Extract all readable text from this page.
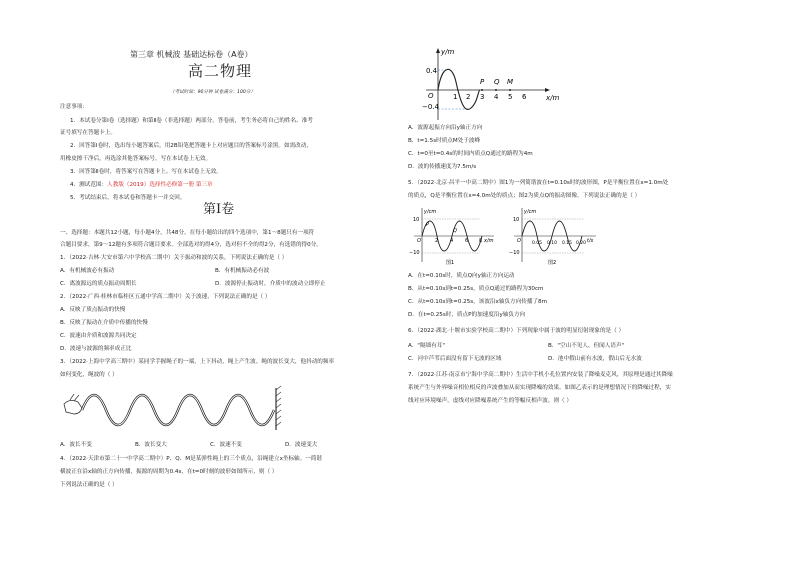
第三章 机械波 基础达标卷（A卷）
高二物理
（考试时间：90分钟 试卷满分：100分）
注意事项：
1．本试卷分第Ⅰ卷（选择题）和第Ⅱ卷（非选择题）两部分。答卷前，考生务必将自己的姓名、准考
证号填写在答题卡上。
2．回答第Ⅰ卷时，选出每小题答案后，用2B铅笔把答题卡上对应题目的答案标号涂黑。如需改动，
用橡皮擦干净后，再选涂其他答案标号。写在本试卷上无效。
3．回答第Ⅱ卷时，将答案写在答题卡上。写在本试卷上无效。
4．测试范围：人教版（2019）选择性必修第一册 第三章
5．考试结束后，将本试卷和答题卡一并交回。
第Ⅰ卷
一、选择题：本题共12小题，每小题4分，共48分。在每小题给出的四个选项中，第1～8题只有一项符
合题目要求，第9～12题有多项符合题目要求。全部选对的得4分，选对但不全的得2分，有选错的得0分。
1．（2022·吉林·大安市第六中学校高二期中）关于振动和波的关系，下列说法正确的是（ ）
A．有机械波必有振动	B．有机械振动必有波
C．离波源远的质点振动周期长	D．波源停止振动时，介质中的波动立即停止
2．（2022·广西·桂林市临桂区五通中学高二期中）关于波速，下列说法正确的是（ ）
A．反映了质点振动的快慢
B．反映了振动在介质中传播的快慢
C．波速由介质和波源共同决定
D．波速与波源的频率成正比
3．（2022·上海中学高三期中）某同学手握绳子的一端，上下抖动，绳上产生波。绳的波长变大，他抖动的频率
如何变化，绳波的（ ）
A．波长不变	B．波长变大	C．波速不变	D．波速变大
4．（2022·天津市第二十一中学高二期中）P、Q、M是某弹性绳上的三个质点，沿绳建立x坐标轴。一简谐
横波正在沿x轴的正方向传播，振源的周期为0.4s，在t=0时刻的波形如图所示，则（ ）
下列说法正确的是（ ）
y/m
x/m
0.4
−0.4
O	1 2 3 4 5 6
P Q M
A．波源起振方向沿y轴正方向
B．t=1.5s时质点M处于波峰
C．t=0至t=0.4s的时间内质点Q通过的路程为4m
D．波的传播速度为7.5m/s
5．（2022·北京·昌平一中高二期中）图1为一列简谐波在t=0.10s时的波形图，P是平衡位置在x=1.0m处
的质点，Q是平衡位置在x=4.0m处的质点；图2为质点Q的振动图像。下列说法正确的是（ ）
y/cm
x/m
10
−10
O	2 4 6 8
P
Q
图1
y/cm
t/s
10
−10
O 0.05 0.10 0.15 0.20
图2
A．在t=0.10s时，质点Q向y轴正方向运动
B．从t=0.10s到t=0.25s，质点Q通过的路程为30cm
C．从t=0.10s到t=0.25s，该波沿x轴负方向传播了8m
D．在t=0.25s时，质点P的加速度沿y轴负方向
6．（2022·湖北·十堰市实验学校高二期中）下列现象中属于波的明显衍射现象的是（ ）
A．"隔墙有耳"	B．"空山不见人，但闻人语声"
C．河中芦苇后面没有留下无波的区域	D．池中假山前有水波，假山后无水波
7．（2022·江苏·南京市宁海中学高二期中）生活中手机小孔位置内安装了降噪麦克风，其原理是通过其降噪
系统产生与外界噪音相位相反的声波叠加从而实现降噪的效果。如图乙表示的是理想情况下的降噪过程，实
线对应环境噪声，虚线对应降噪系统产生的等幅反相声波。则（ ）
